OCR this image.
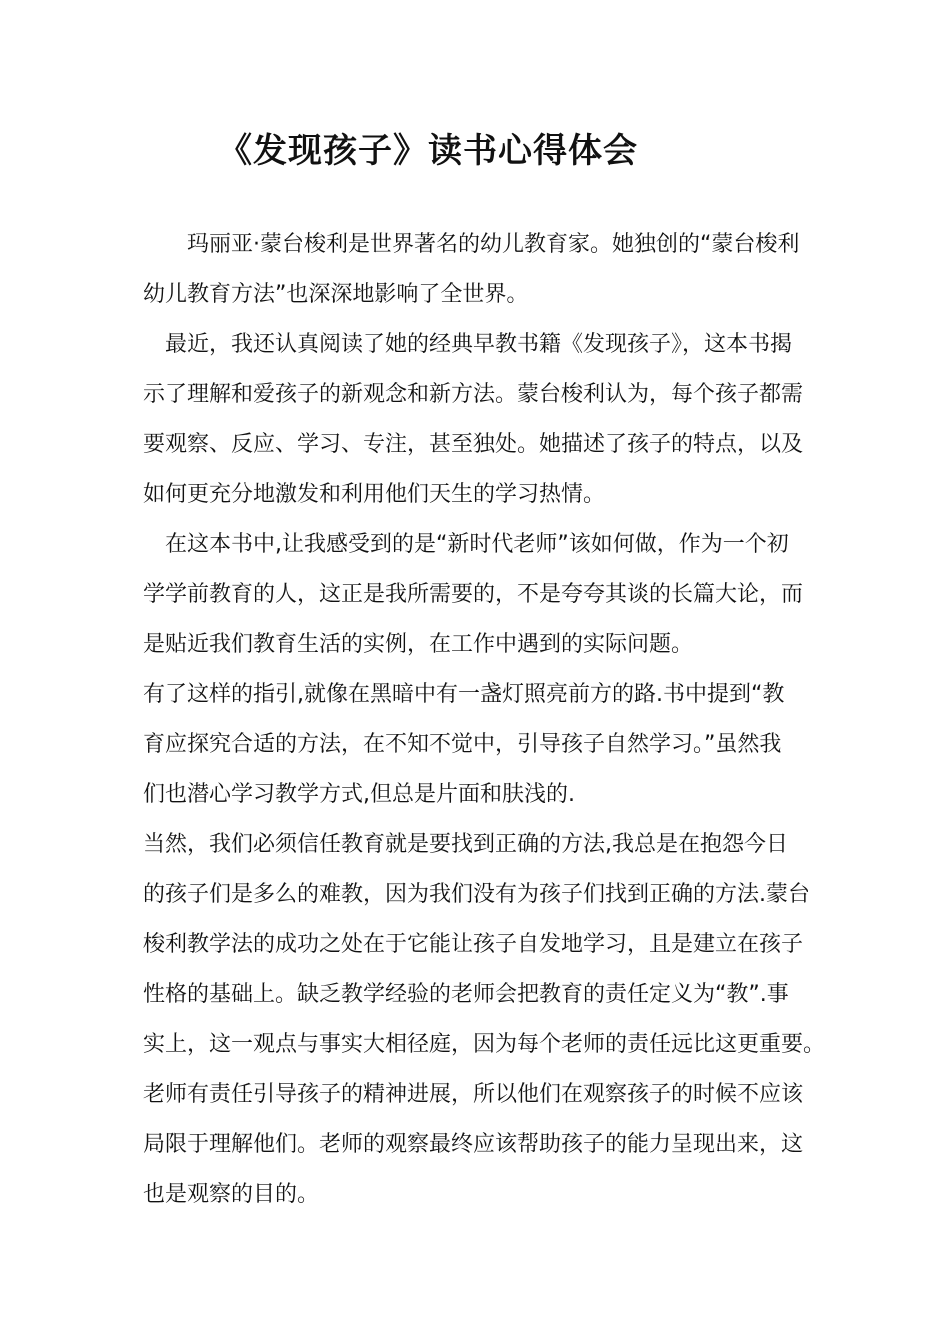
《发现孩子》读书心得体会
　　玛丽亚·蒙台梭利是世界著名的幼儿教育家。她独创的“蒙台梭利
幼儿教育方法”也深深地影响了全世界。
　最近，我还认真阅读了她的经典早教书籍《发现孩子》，这本书揭
示了理解和爱孩子的新观念和新方法。蒙台梭利认为，每个孩子都需
要观察、反应、学习、专注，甚至独处。她描述了孩子的特点，以及
如何更充分地激发和利用他们天生的学习热情。
　在这本书中,让我感受到的是“新时代老师”该如何做，作为一个初
学学前教育的人，这正是我所需要的，不是夸夸其谈的长篇大论，而
是贴近我们教育生活的实例，在工作中遇到的实际问题。
有了这样的指引,就像在黑暗中有一盏灯照亮前方的路.书中提到“教
育应探究合适的方法，在不知不觉中，引导孩子自然学习。”虽然我
们也潜心学习教学方式,但总是片面和肤浅的.
当然，我们必须信任教育就是要找到正确的方法,我总是在抱怨今日
的孩子们是多么的难教，因为我们没有为孩子们找到正确的方法.蒙台
梭利教学法的成功之处在于它能让孩子自发地学习，且是建立在孩子
性格的基础上。缺乏教学经验的老师会把教育的责任定义为“教”.事
实上，这一观点与事实大相径庭，因为每个老师的责任远比这更重要。
老师有责任引导孩子的精神进展，所以他们在观察孩子的时候不应该
局限于理解他们。老师的观察最终应该帮助孩子的能力呈现出来，这
也是观察的目的。
